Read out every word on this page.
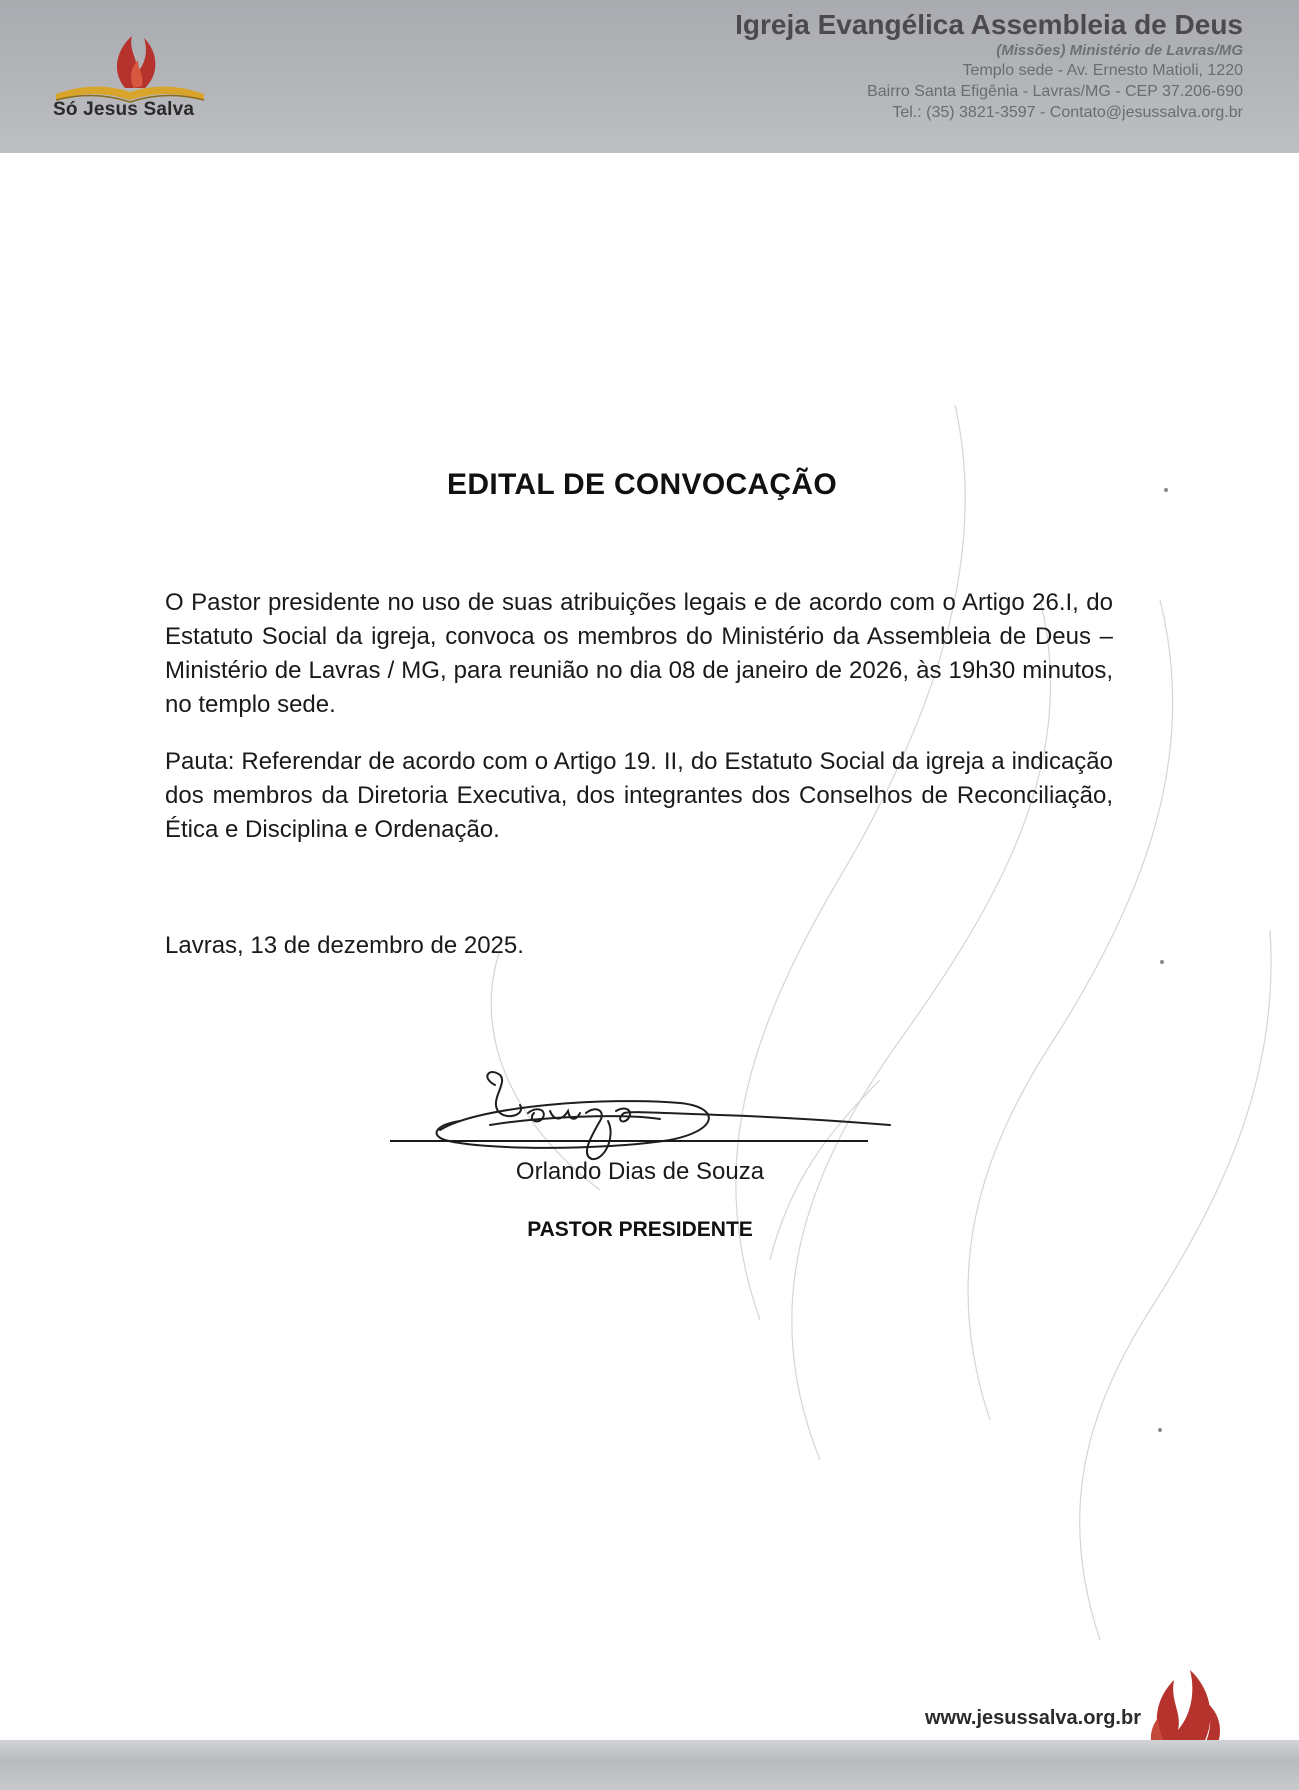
Só Jesus Salva
Igreja Evangélica Assembleia de Deus
(Missões) Ministério de Lavras/MG
Templo sede - Av. Ernesto Matioli, 1220
Bairro Santa Efigênia - Lavras/MG - CEP 37.206-690
Tel.: (35) 3821-3597 - Contato@jesussalva.org.br
EDITAL DE CONVOCAÇÃO

O Pastor presidente no uso de suas atribuições legais e de acordo com o Artigo 26.I, do Estatuto Social da igreja, convoca os membros do Ministério da Assembleia de Deus – Ministério de Lavras / MG, para reunião no dia 08 de janeiro de 2026, às 19h30 minutos, no templo sede.

Pauta: Referendar de acordo com o Artigo 19. II, do Estatuto Social da igreja a indicação dos membros da Diretoria Executiva, dos integrantes dos Conselhos de Reconciliação, Ética e Disciplina e Ordenação.

Lavras, 13 de dezembro de 2025.
Orlando Dias de Souza
PASTOR PRESIDENTE
www.jesussalva.org.br
